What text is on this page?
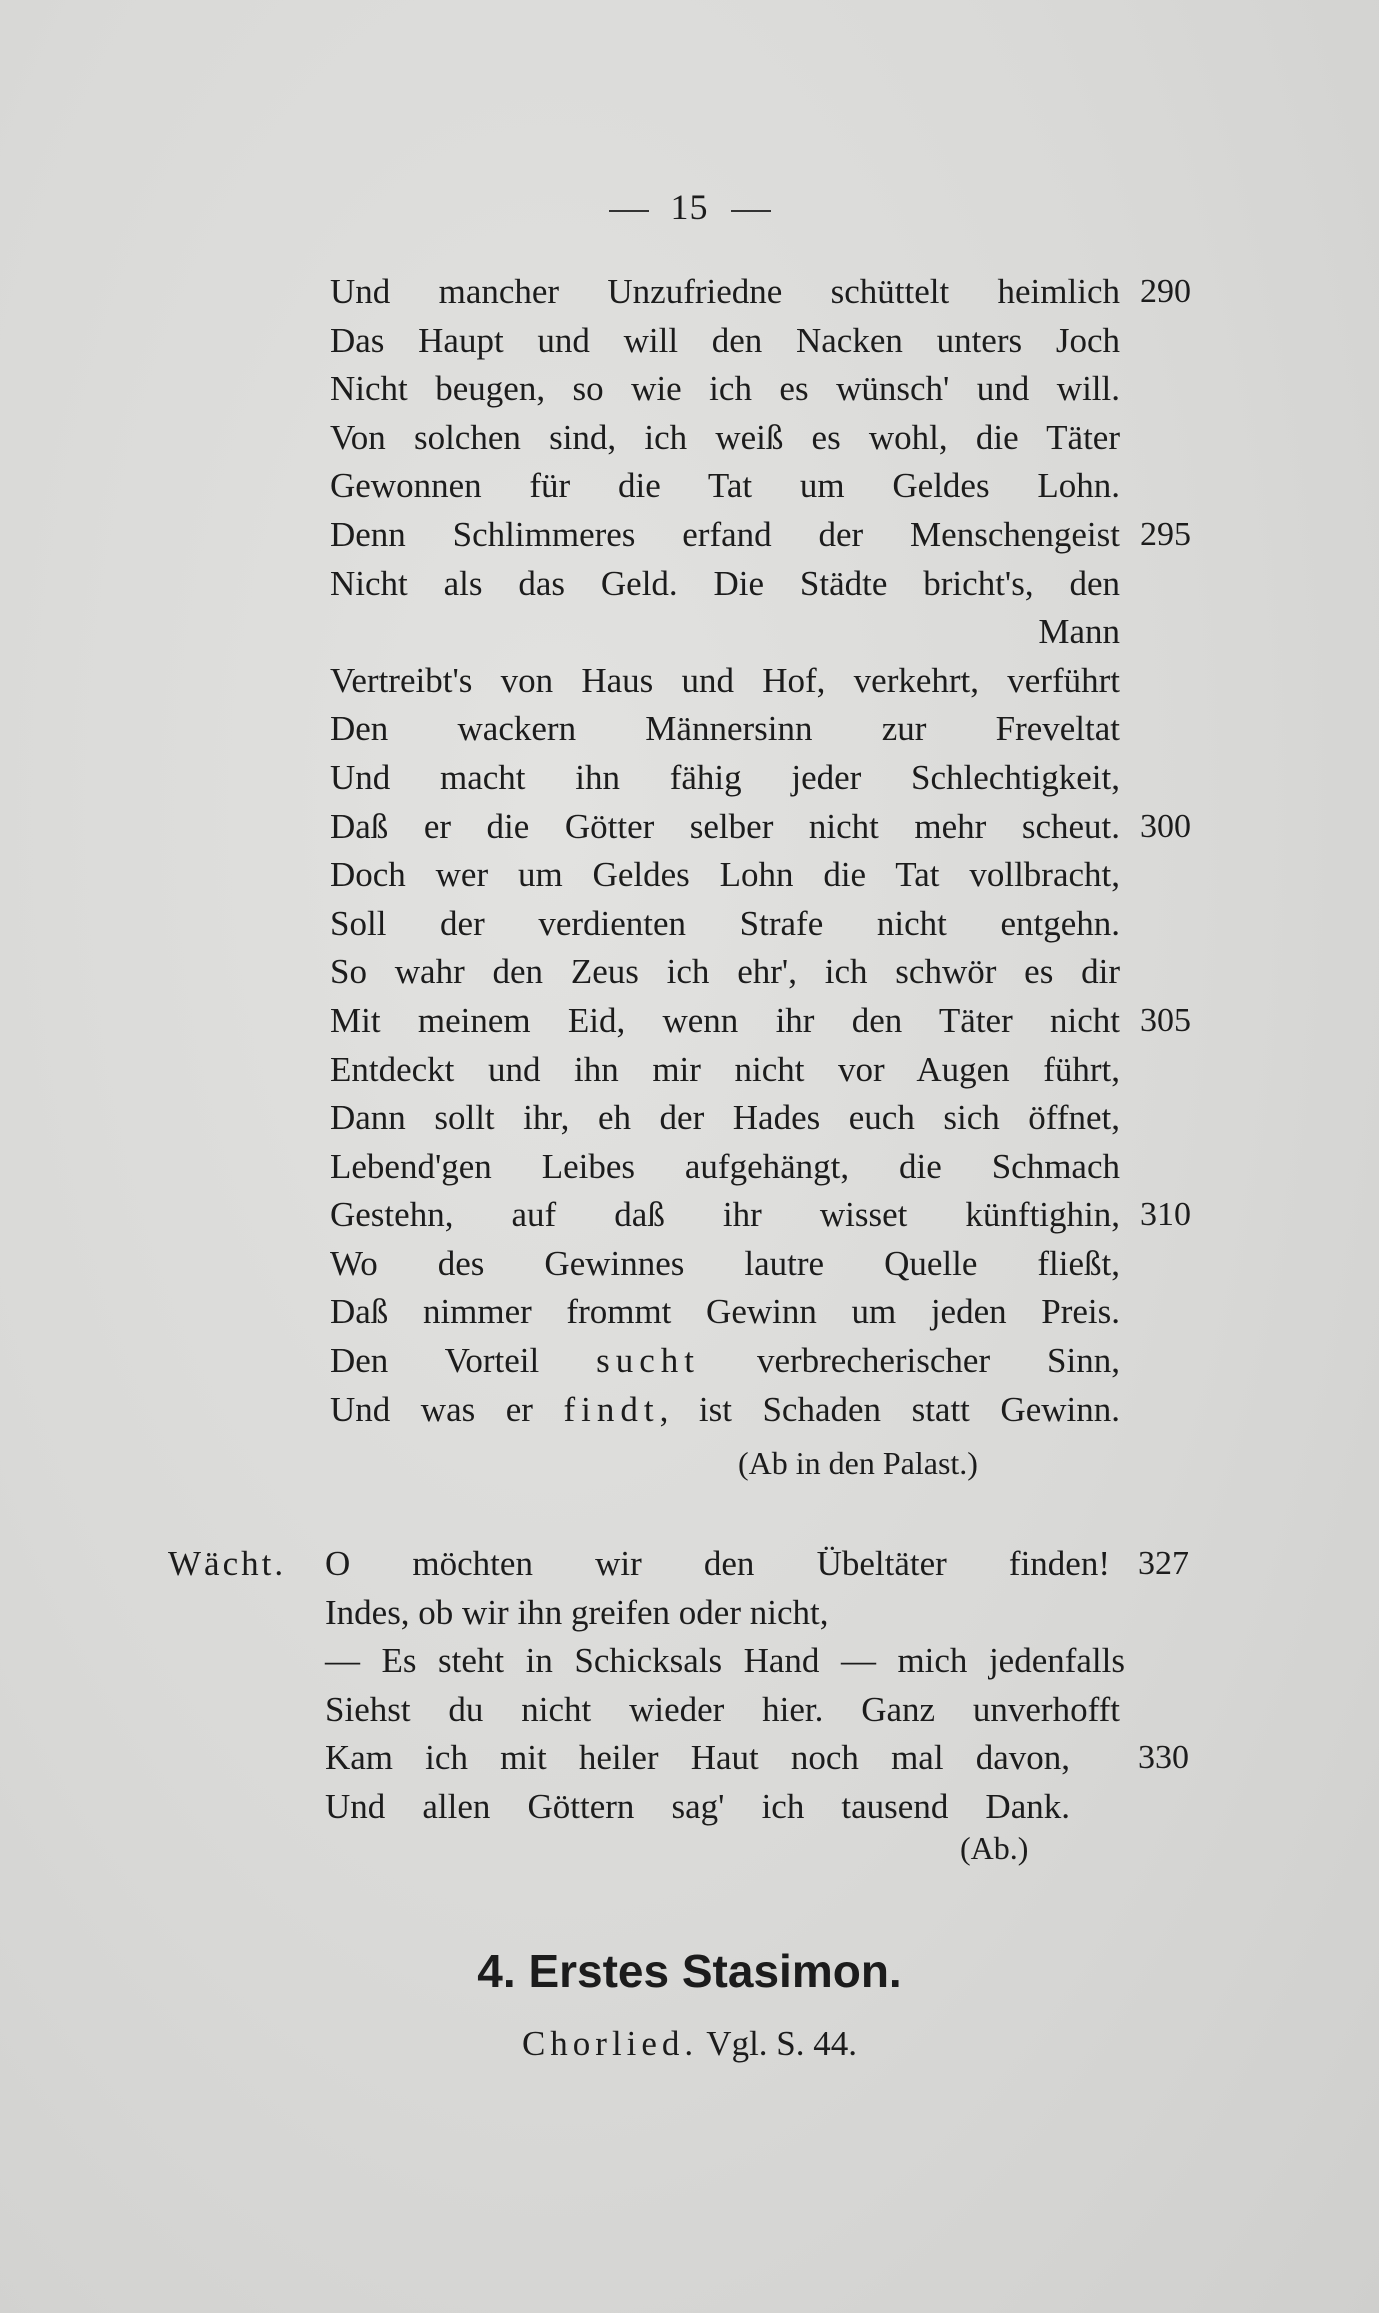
15
Und mancher Unzufriedne schüttelt heimlich 290
Das Haupt und will den Nacken unters Joch
Nicht beugen, so wie ich es wünsch' und will.
Von solchen sind, ich weiß es wohl, die Täter
Gewonnen für die Tat um Geldes Lohn.
Denn Schlimmeres erfand der Menschengeist 295
Nicht als das Geld. Die Städte bricht's, den
Mann
Vertreibt's von Haus und Hof, verkehrt, verführt
Den wackern Männersinn zur Freveltat
Und macht ihn fähig jeder Schlechtigkeit,
Daß er die Götter selber nicht mehr scheut. 300
Doch wer um Geldes Lohn die Tat vollbracht,
Soll der verdienten Strafe nicht entgehn.
So wahr den Zeus ich ehr', ich schwör es dir
Mit meinem Eid, wenn ihr den Täter nicht 305
Entdeckt und ihn mir nicht vor Augen führt,
Dann sollt ihr, eh der Hades euch sich öffnet,
Lebend'gen Leibes aufgehängt, die Schmach
Gestehn, auf daß ihr wisset künftighin, 310
Wo des Gewinnes lautre Quelle fließt,
Daß nimmer frommt Gewinn um jeden Preis.
Den Vorteil sucht verbrecherischer Sinn,
Und was er findt, ist Schaden statt Gewinn.
(Ab in den Palast.)
Wächt. O möchten wir den Übeltäter finden! 327
Indes, ob wir ihn greifen oder nicht,
— Es steht in Schicksals Hand — mich jedenfalls
Siehst du nicht wieder hier. Ganz unverhofft
Kam ich mit heiler Haut noch mal davon, 330
Und allen Göttern sag' ich tausend Dank.
(Ab.)
4. Erstes Stasimon.
Chorlied. Vgl. S. 44.
